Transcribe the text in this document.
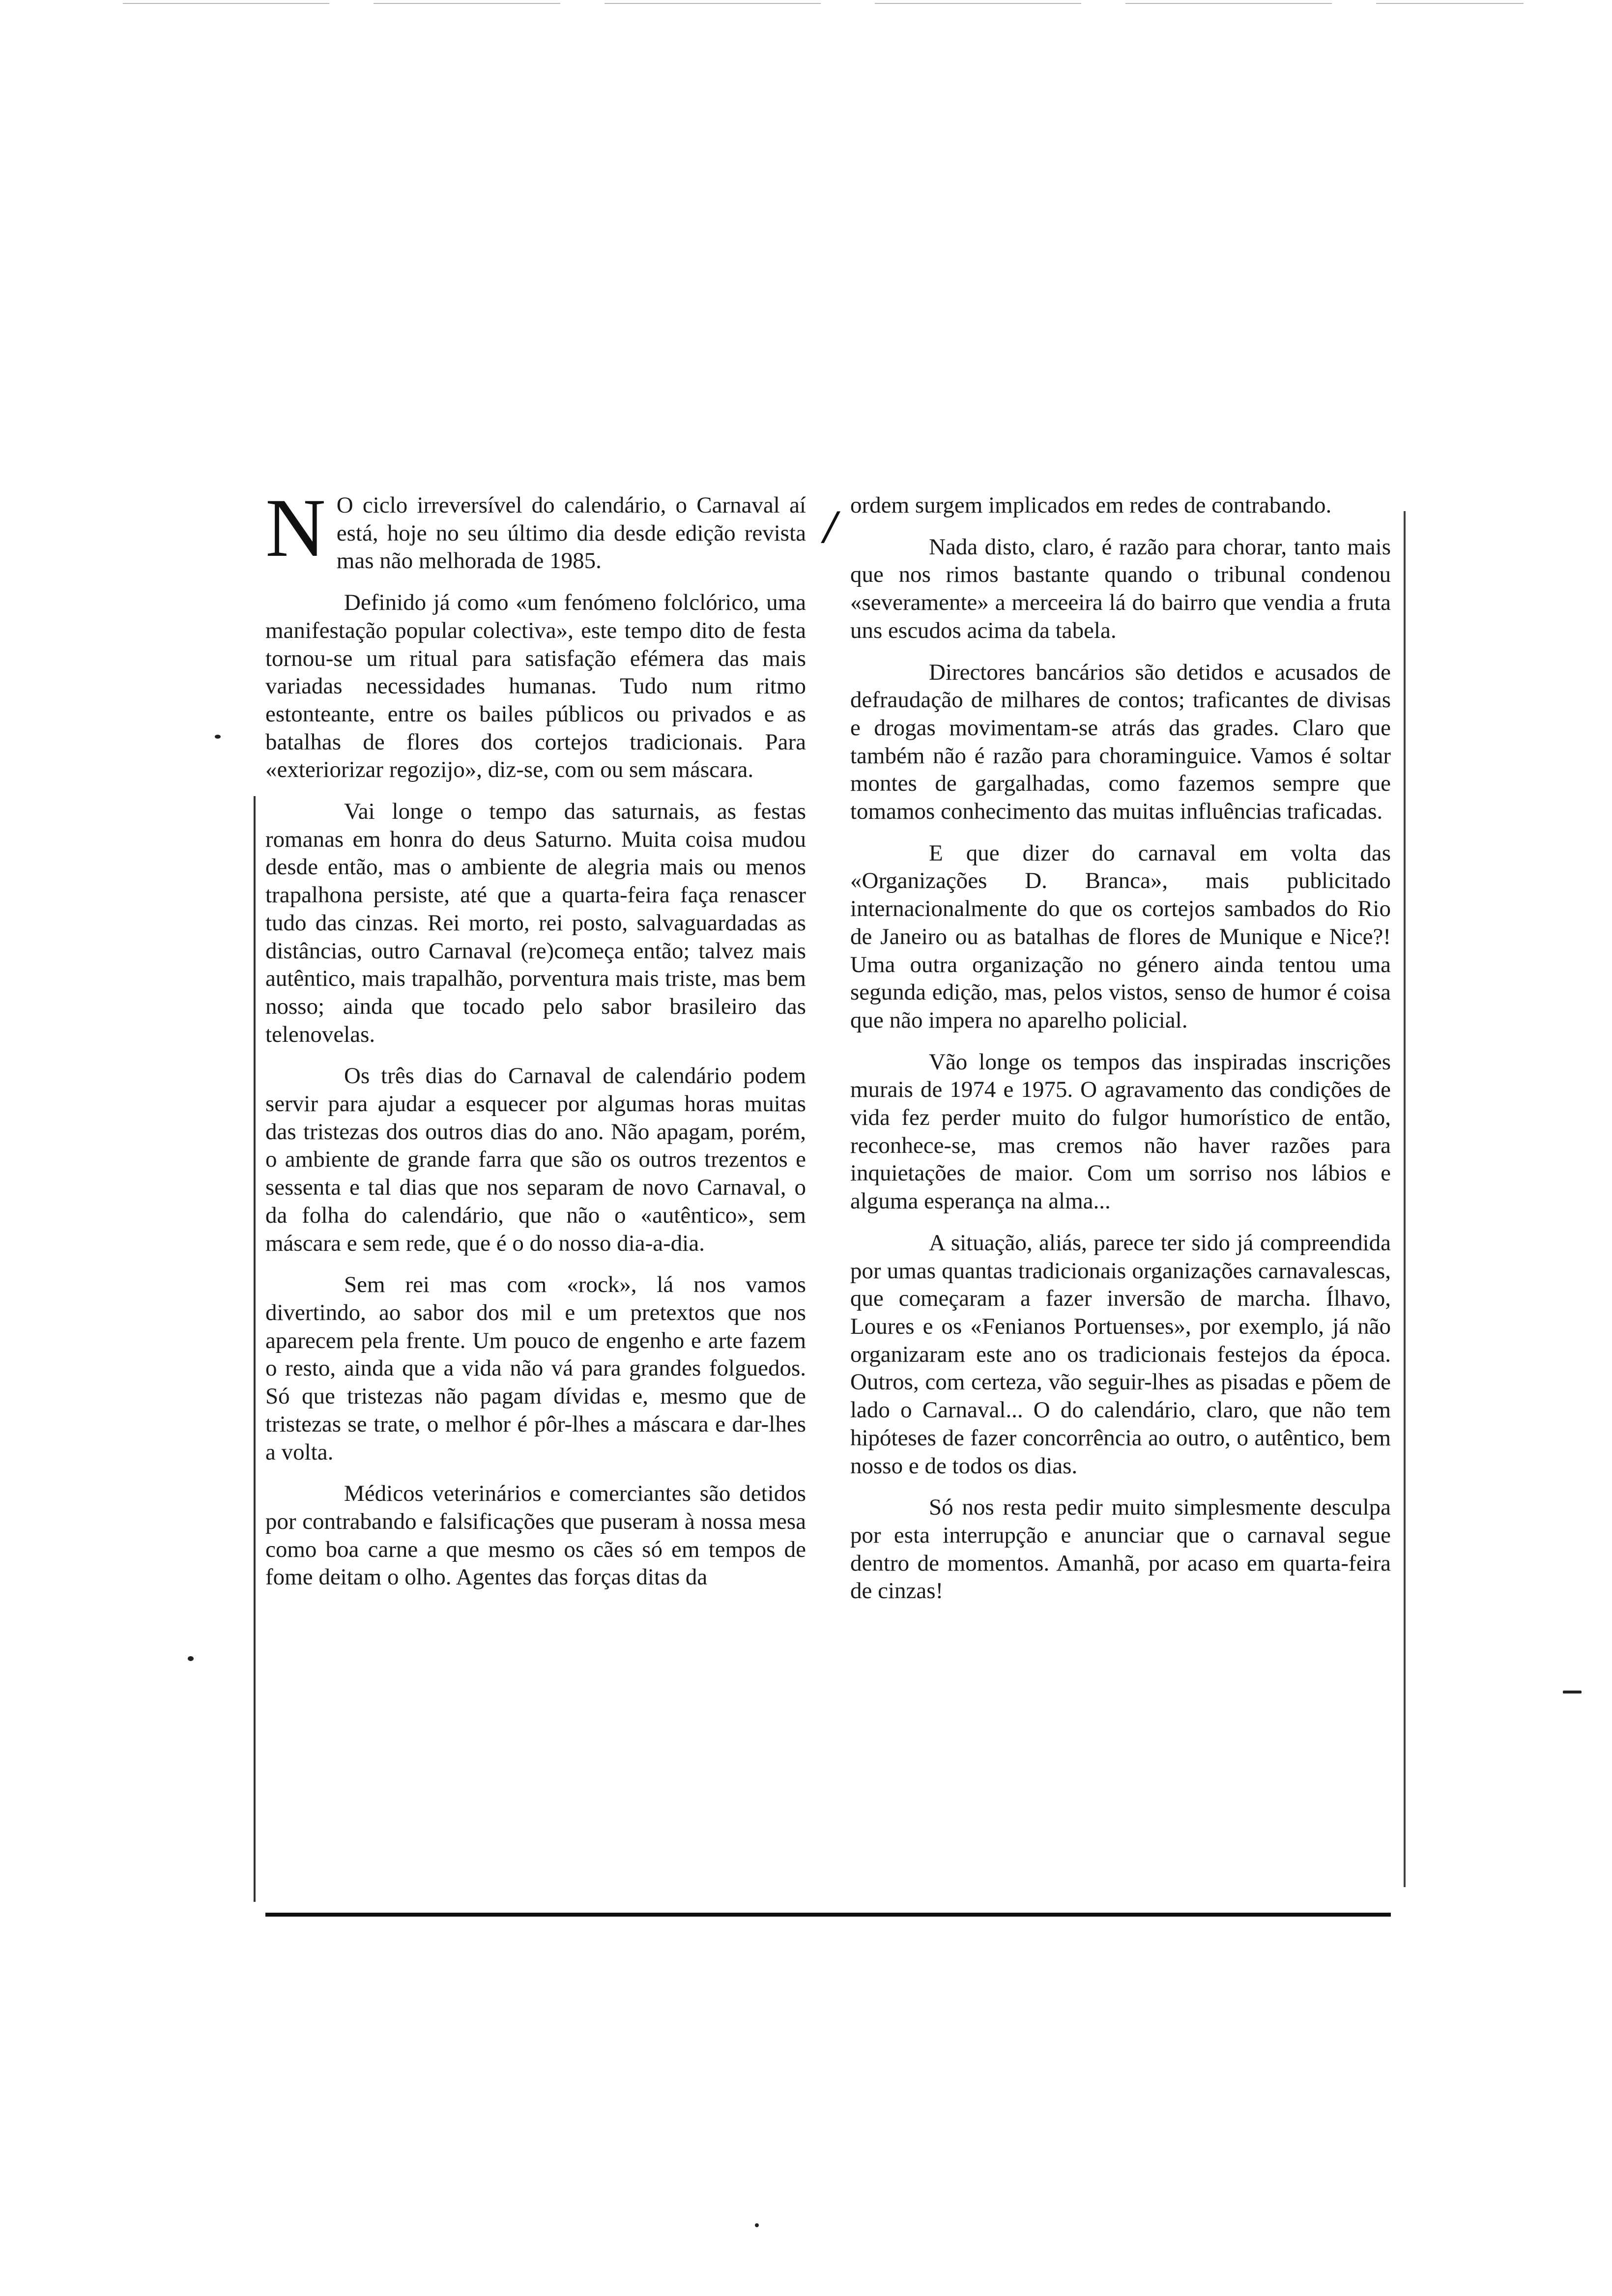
N O ciclo irreversível do calendário, o Carnaval aí está, hoje no seu último dia desde edição revista mas não melhorada de 1985.

Definido já como «um fenómeno folclórico, uma manifestação popular colectiva», este tempo dito de festa tornou-se um ritual para satisfação efémera das mais variadas necessidades humanas. Tudo num ritmo estonteante, entre os bailes públicos ou privados e as batalhas de flores dos cortejos tradicionais. Para «exteriorizar regozijo», diz-se, com ou sem máscara.

Vai longe o tempo das saturnais, as festas romanas em honra do deus Saturno. Muita coisa mudou desde então, mas o ambiente de alegria mais ou menos trapalhona persiste, até que a quarta-feira faça renascer tudo das cinzas. Rei morto, rei posto, salvaguardadas as distâncias, outro Carnaval (re)começa então; talvez mais autêntico, mais trapalhão, porventura mais triste, mas bem nosso; ainda que tocado pelo sabor brasileiro das telenovelas.

Os três dias do Carnaval de calendário podem servir para ajudar a esquecer por algumas horas muitas das tristezas dos outros dias do ano. Não apagam, porém, o ambiente de grande farra que são os outros trezentos e sessenta e tal dias que nos separam de novo Carnaval, o da folha do calendário, que não o «autêntico», sem máscara e sem rede, que é o do nosso dia-a-dia.

Sem rei mas com «rock», lá nos vamos divertindo, ao sabor dos mil e um pretextos que nos aparecem pela frente. Um pouco de engenho e arte fazem o resto, ainda que a vida não vá para grandes folguedos. Só que tristezas não pagam dívidas e, mesmo que de tristezas se trate, o melhor é pôr-lhes a máscara e dar-lhes a volta.

Médicos veterinários e comerciantes são detidos por contrabando e falsificações que puseram à nossa mesa como boa carne a que mesmo os cães só em tempos de fome deitam o olho. Agentes das forças ditas da

/ ordem surgem implicados em redes de contrabando.

Nada disto, claro, é razão para chorar, tanto mais que nos rimos bastante quando o tribunal condenou «severamente» a merceeira lá do bairro que vendia a fruta uns escudos acima da tabela.

Directores bancários são detidos e acusados de defraudação de milhares de contos; traficantes de divisas e drogas movimentam-se atrás das grades. Claro que também não é razão para choraminguice. Vamos é soltar montes de gargalhadas, como fazemos sempre que tomamos conhecimento das muitas influências traficadas.

E que dizer do carnaval em volta das «Organizações D. Branca», mais publicitado internacionalmente do que os cortejos sambados do Rio de Janeiro ou as batalhas de flores de Munique e Nice?! Uma outra organização no género ainda tentou uma segunda edição, mas, pelos vistos, senso de humor é coisa que não impera no aparelho policial.

Vão longe os tempos das inspiradas inscrições murais de 1974 e 1975. O agravamento das condições de vida fez perder muito do fulgor humorístico de então, reconhece-se, mas cremos não haver razões para inquietações de maior. Com um sorriso nos lábios e alguma esperança na alma...

A situação, aliás, parece ter sido já compreendida por umas quantas tradicionais organizações carnavalescas, que começaram a fazer inversão de marcha. Ílhavo, Loures e os «Fenianos Portuenses», por exemplo, já não organizaram este ano os tradicionais festejos da época. Outros, com certeza, vão seguir-lhes as pisadas e põem de lado o Carnaval... O do calendário, claro, que não tem hipóteses de fazer concorrência ao outro, o autêntico, bem nosso e de todos os dias.

Só nos resta pedir muito simplesmente desculpa por esta interrupção e anunciar que o carnaval segue dentro de momentos. Amanhã, por acaso em quarta-feira de cinzas!
